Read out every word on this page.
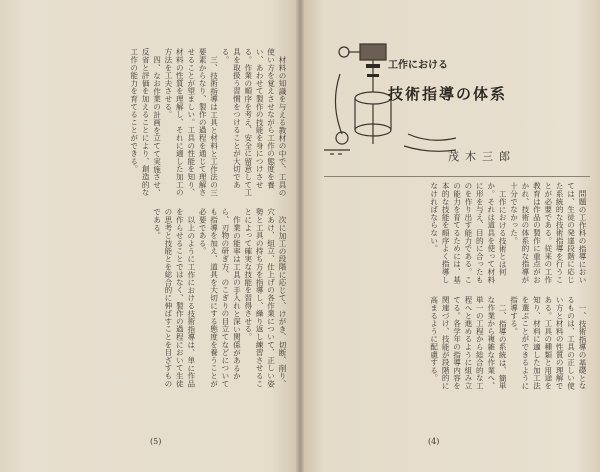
材料の知識を与える教材の中で、工具の使い方を覚えさせながら工作の態度を養い、あわせて製作の技能を身につけさせる。作業の順序を考え、安全に留意して工具を取扱う習慣をつけることが大切である。

三、技術指導は工具と材料と工作法の三要素からなり、製作の過程を通じて理解させることが望ましい。工具の性能を知り、材料の性質を理解し、それに適した加工の方法を工夫させる。

四、なお作業の計画を立てて実施させ、反省と評価を加えることにより、創造的な工作の能力を育てることができる。

次に加工の段階に応じて、けがき、切断、削り、穴あけ、組立、仕上げの各作業について、正しい姿勢と工具の持ち方を指導し、繰り返し練習させることによって確実な技能を習得させる。

作業の能率は工具の手入れと深い関係があるから、刃物の研ぎ方、のこぎりの目立てなどについても指導を加え、道具を大切にする態度を養うことが必要である。

以上のように工作における技術指導は、単に作品を作らせることではなく、製作の過程において生徒の思考と技能とを総合的に伸ばすことを目ざすものである。

(5)
工作における
技術指導の体系
茂木三郎

問題の工作科の指導においては、生徒の発達段階に応じた系統的な技術指導を行うことが必要である。従来の工作教育は作品の製作に重点がおかれ、技術の体系的な指導が十分でなかった。

工作における技術とは何か。それは道具を使って材料に形を与え、目的に合ったものを作り出す能力である。この能力を育てるためには、基本的な技能を順序よく指導しなければならない。

一、技術指導の基礎となるものは、工具の正しい使い方と材料の性質の理解である。工具の種類と用途を知り、材料に適した加工法を選ぶことができるように指導する。

二、指導の系統は、簡単な作業から複雑な作業へ、単一の工程から総合的な工程へと進めるように組み立てる。各学年の指導内容を関連づけ、技能が段階的に高まるように配慮する。

(4)
